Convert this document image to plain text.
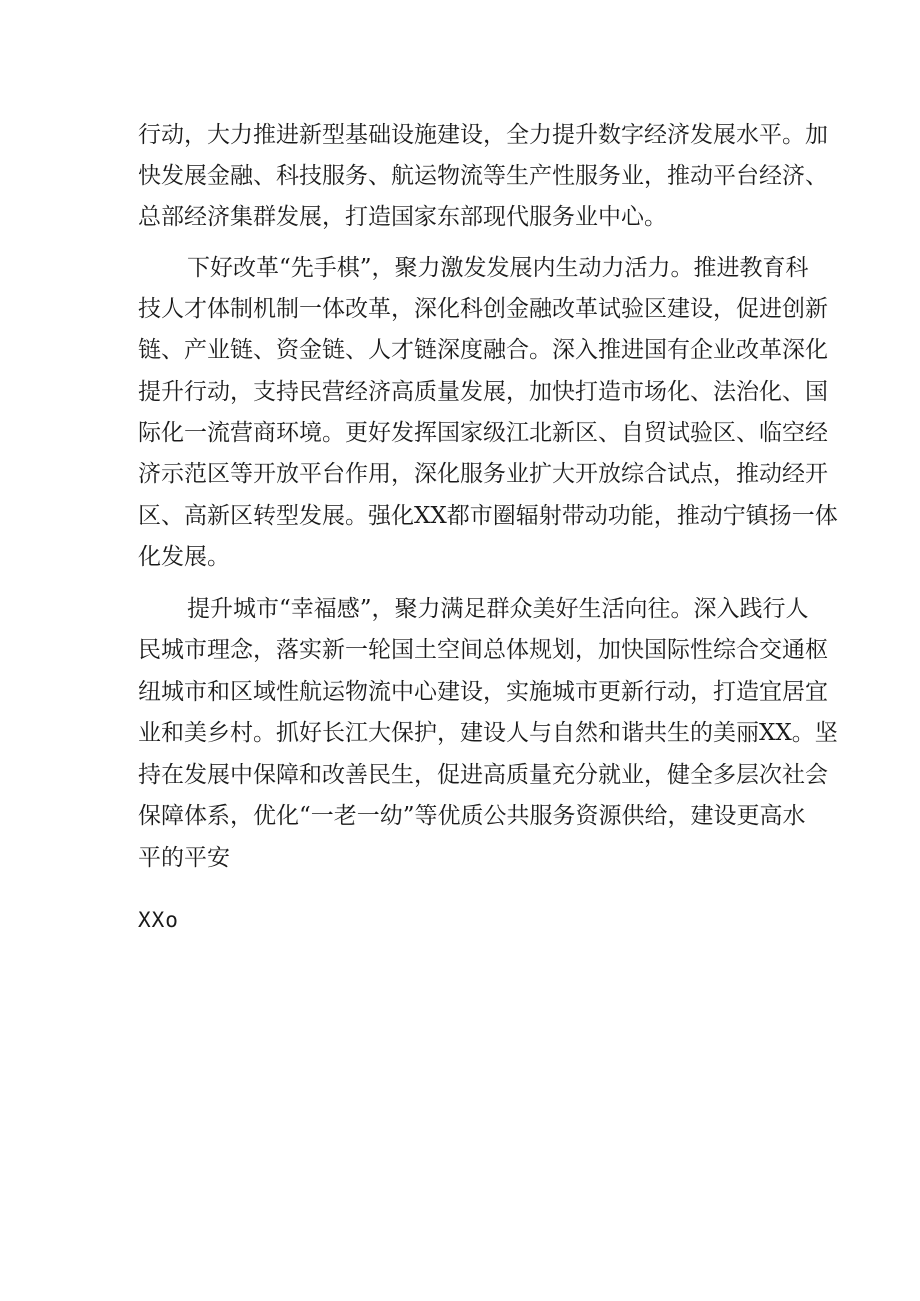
行动，大力推进新型基础设施建设，全力提升数字经济发展水平。加
快发展金融、科技服务、航运物流等生产性服务业，推动平台经济、
总部经济集群发展，打造国家东部现代服务业中心。
下好改革“先手棋”，聚力激发发展内生动力活力。推进教育科
技人才体制机制一体改革，深化科创金融改革试验区建设，促进创新
链、产业链、资金链、人才链深度融合。深入推进国有企业改革深化
提升行动，支持民营经济高质量发展，加快打造市场化、法治化、国
际化一流营商环境。更好发挥国家级江北新区、自贸试验区、临空经
济示范区等开放平台作用，深化服务业扩大开放综合试点，推动经开
区、高新区转型发展。强化XX都市圈辐射带动功能，推动宁镇扬一体
化发展。
提升城市“幸福感”，聚力满足群众美好生活向往。深入践行人
民城市理念，落实新一轮国土空间总体规划，加快国际性综合交通枢
纽城市和区域性航运物流中心建设，实施城市更新行动，打造宜居宜
业和美乡村。抓好长江大保护，建设人与自然和谐共生的美丽XX。坚
持在发展中保障和改善民生，促进高质量充分就业，健全多层次社会
保障体系，优化“一老一幼”等优质公共服务资源供给，建设更高水
平的平安
XXo
